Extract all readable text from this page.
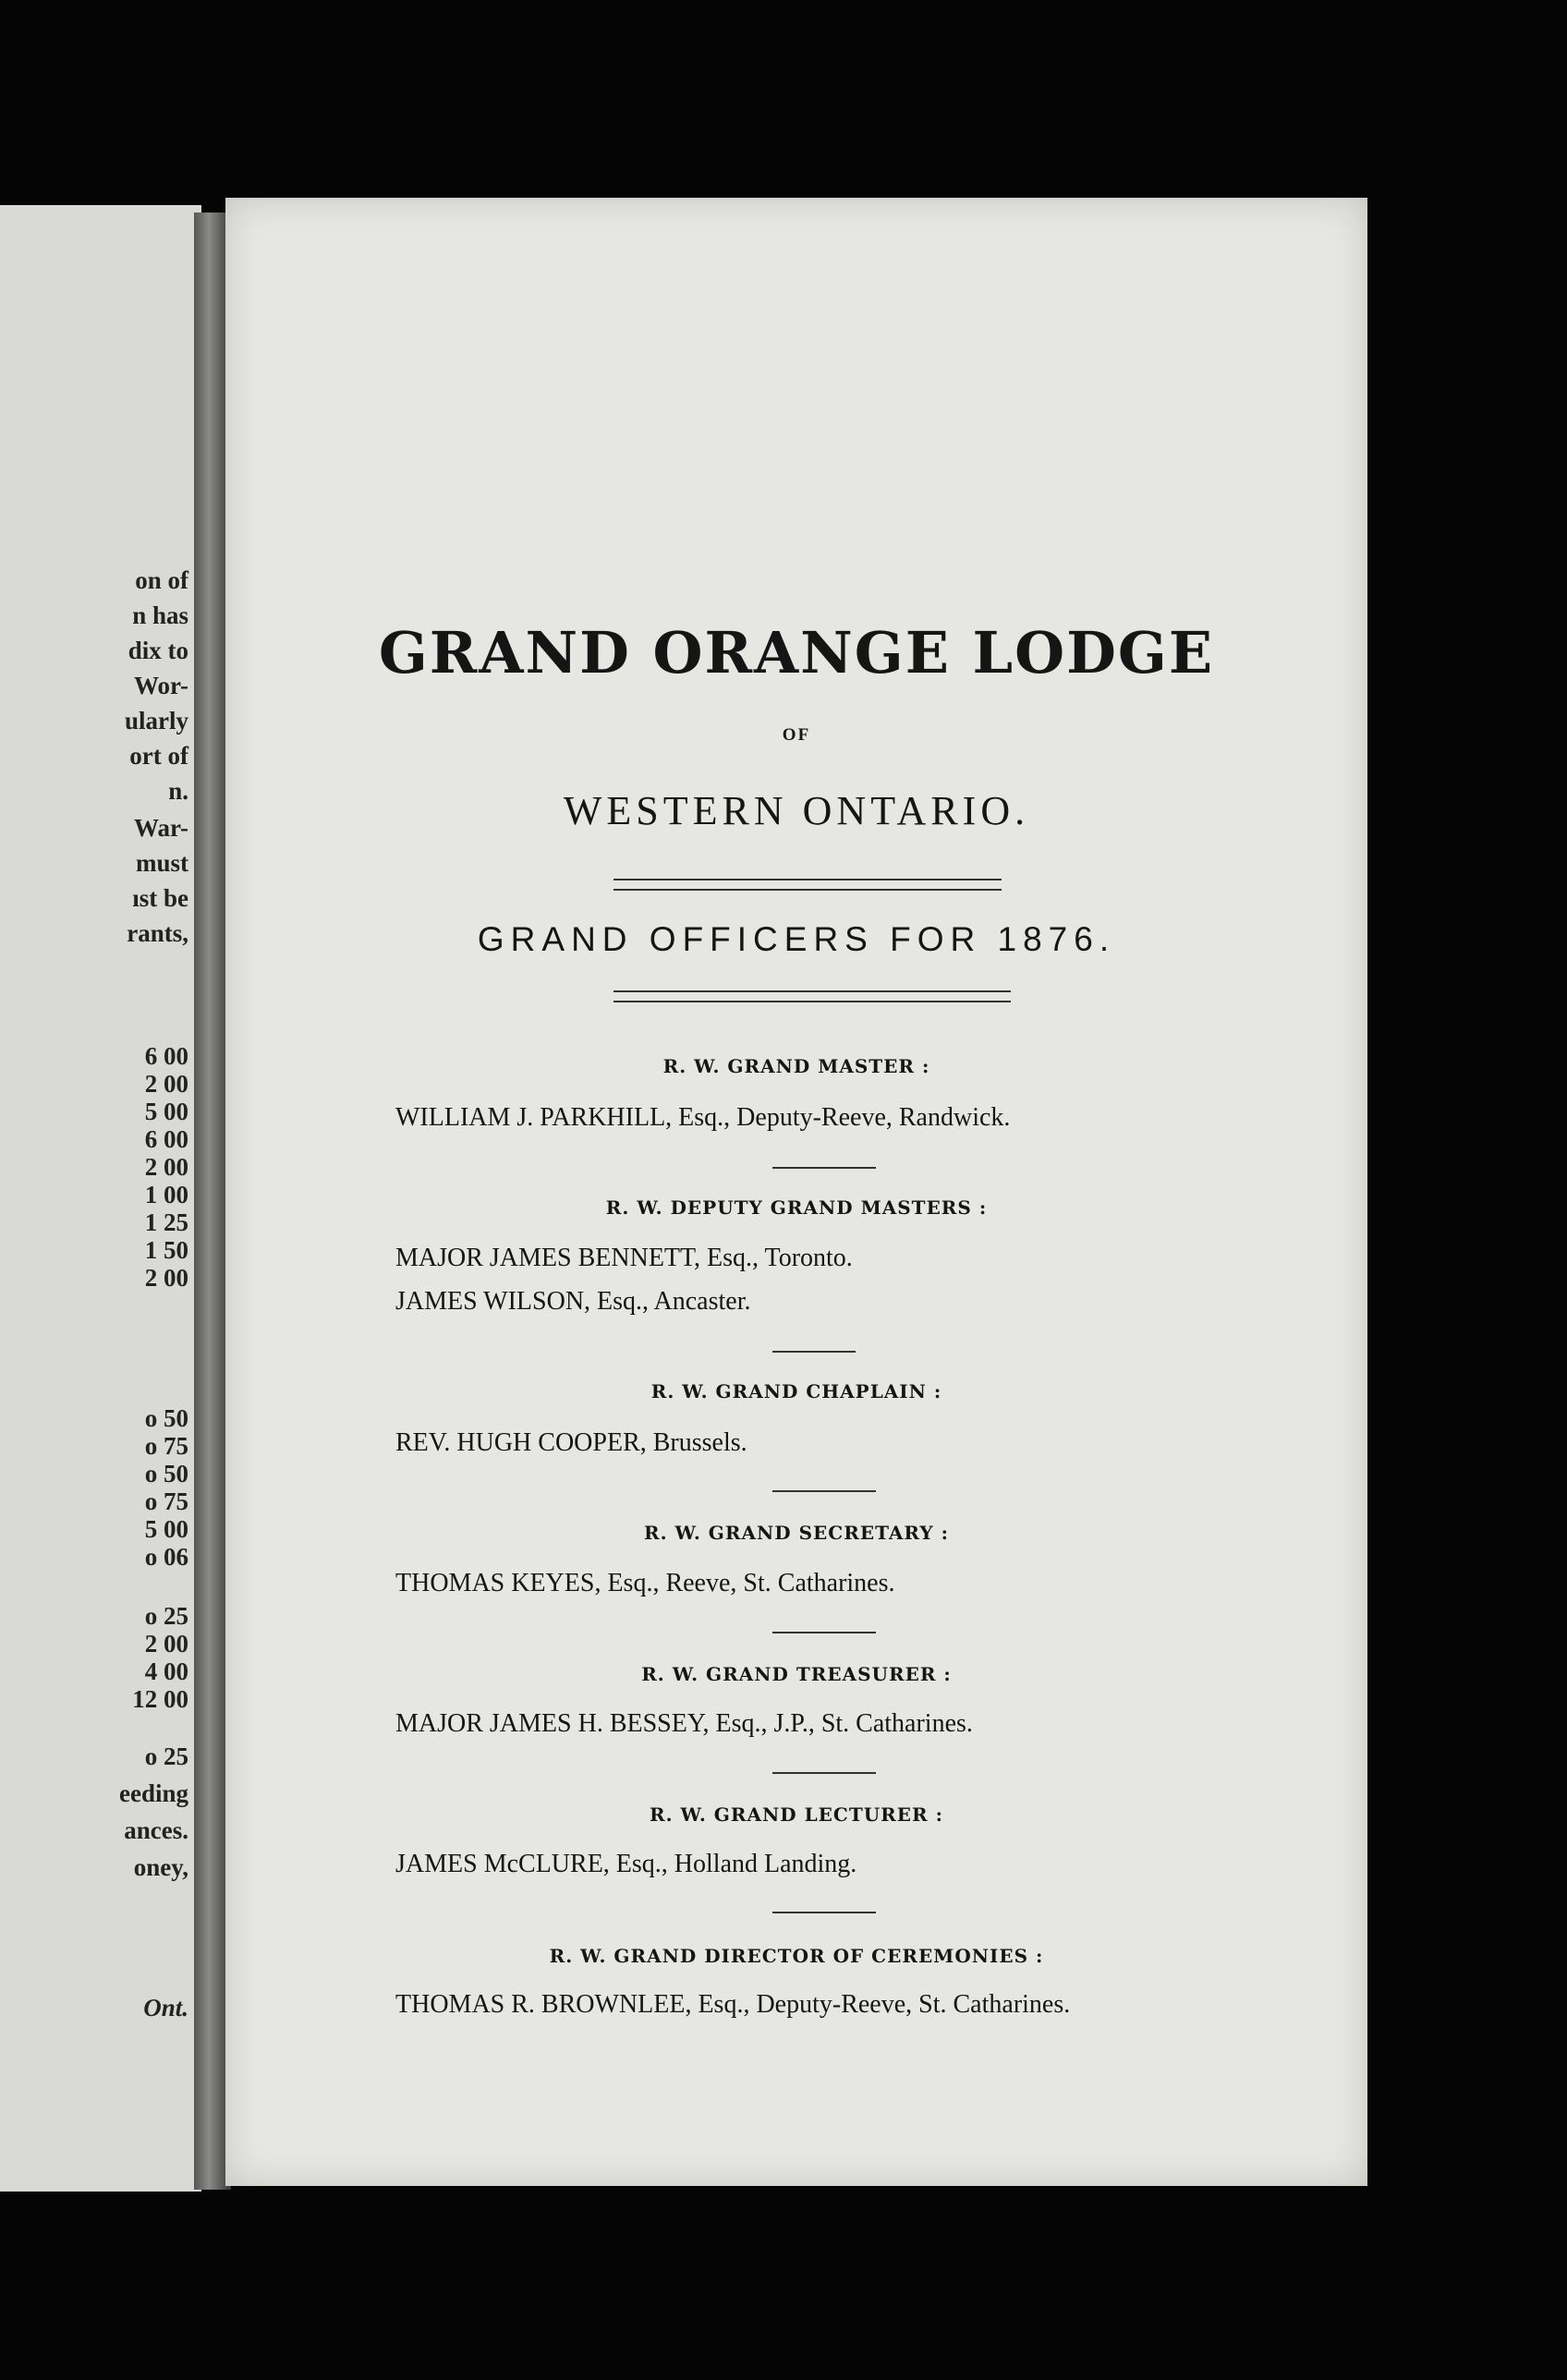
on of
n has
dix to
Wor-
ularly
ort of
n.
War-
must
ıst be
rants,
6 00
2 00
5 00
6 00
2 00
1 00
1 25
1 50
2 00
o 50
o 75
o 50
o 75
5 00
o 06
o 25
2 00
4 00
12 00
o 25
eeding
ances.
oney,
Ont.
GRAND ORANGE LODGE
OF
WESTERN ONTARIO.
GRAND OFFICERS FOR 1876.
R. W. GRAND MASTER :
WILLIAM J. PARKHILL, Esq., Deputy-Reeve, Randwick.
R. W. DEPUTY GRAND MASTERS :
MAJOR JAMES BENNETT, Esq., Toronto.
JAMES WILSON, Esq., Ancaster.
R. W. GRAND CHAPLAIN :
REV. HUGH COOPER, Brussels.
R. W. GRAND SECRETARY :
THOMAS KEYES, Esq., Reeve, St. Catharines.
R. W. GRAND TREASURER :
MAJOR JAMES H. BESSEY, Esq., J.P., St. Catharines.
R. W. GRAND LECTURER :
JAMES McCLURE, Esq., Holland Landing.
R. W. GRAND DIRECTOR OF CEREMONIES :
THOMAS R. BROWNLEE, Esq., Deputy-Reeve, St. Catharines.
